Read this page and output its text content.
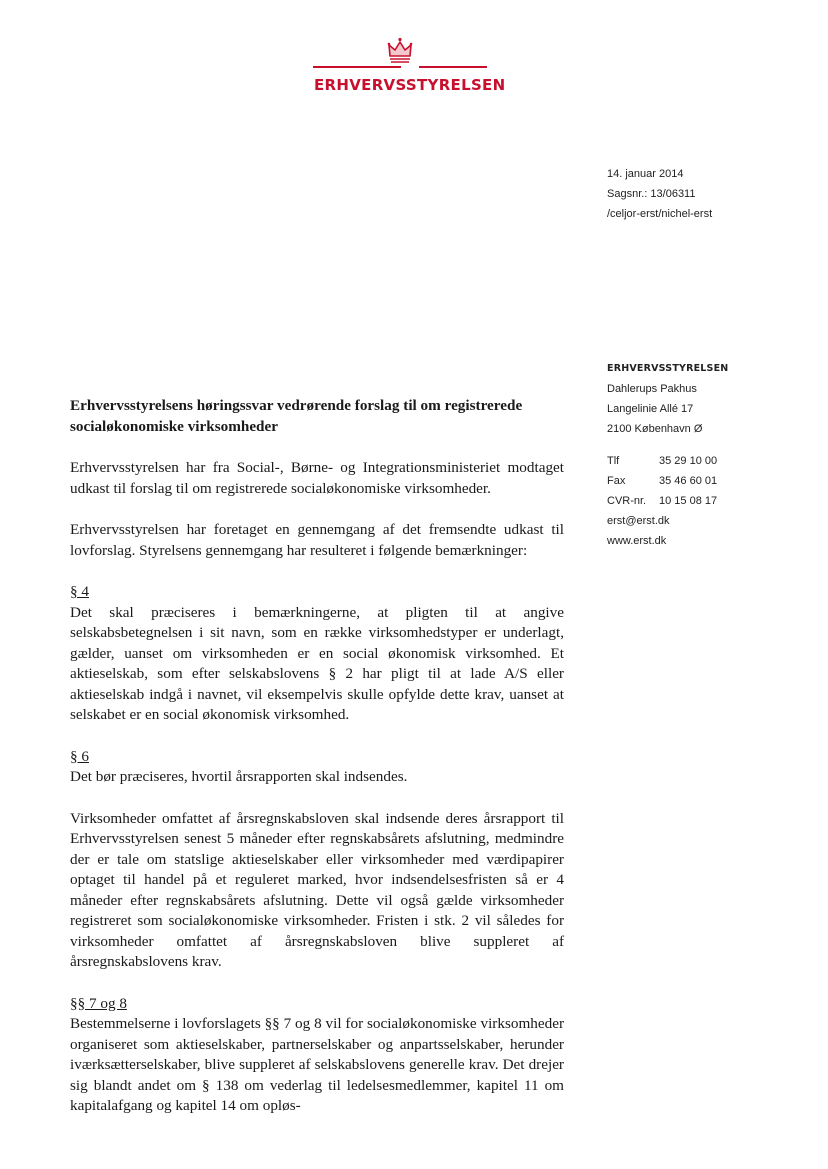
ERHVERVSSTYRELSEN
14. januar 2014
Sagsnr.: 13/06311
/celjor-erst/nichel-erst
ERHVERVSSTYRELSEN
Dahlerups Pakhus
Langelinie Allé 17
2100 København Ø
Tlf	35 29 10 00
Fax	35 46 60 01
CVR-nr.	10 15 08 17
erst@erst.dk
www.erst.dk

Erhvervsstyrelsens høringssvar vedrørende forslag til om registrerede socialøkonomiske virksomheder

Erhvervsstyrelsen har fra Social-, Børne- og Integrationsministeriet modtaget udkast til forslag til om registrerede socialøkonomiske virksomheder.

Erhvervsstyrelsen har foretaget en gennemgang af det fremsendte udkast til lovforslag. Styrelsens gennemgang har resulteret i følgende bemærkninger:

§ 4

Det skal præciseres i bemærkningerne, at pligten til at angive selskabsbetegnelsen i sit navn, som en række virksomhedstyper er underlagt, gælder, uanset om virksomheden er en social økonomisk virksomhed. Et aktieselskab, som efter selskabslovens § 2 har pligt til at lade A/S eller aktieselskab indgå i navnet, vil eksempelvis skulle opfylde dette krav, uanset at selskabet er en social økonomisk virksomhed.

§ 6

Det bør præciseres, hvortil årsrapporten skal indsendes.

Virksomheder omfattet af årsregnskabsloven skal indsende deres årsrapport til Erhvervsstyrelsen senest 5 måneder efter regnskabsårets afslutning, medmindre der er tale om statslige aktieselskaber eller virksomheder med værdipapirer optaget til handel på et reguleret marked, hvor indsendelsesfristen så er 4 måneder efter regnskabsårets afslutning. Dette vil også gælde virksomheder registreret som socialøkonomiske virksomheder. Fristen i stk. 2 vil således for virksomheder omfattet af årsregnskabsloven blive suppleret af årsregnskabslovens krav.

§§ 7 og 8

Bestemmelserne i lovforslagets §§ 7 og 8 vil for socialøkonomiske virksomheder organiseret som aktieselskaber, partnerselskaber og anpartsselskaber, herunder iværksætterselskaber, blive suppleret af selskabslovens generelle krav. Det drejer sig blandt andet om § 138 om vederlag til ledelsesmedlemmer, kapitel 11 om kapitalafgang og kapitel 14 om opløs-
